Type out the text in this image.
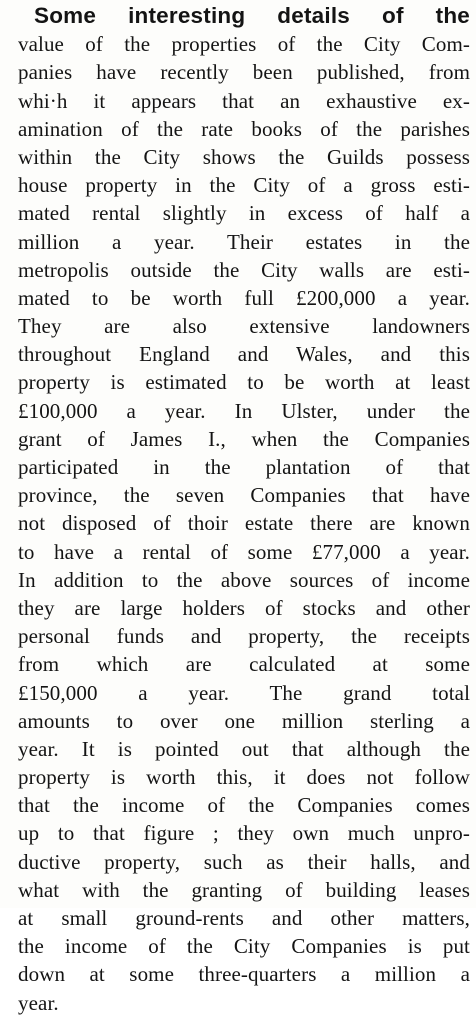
Some interesting details of the
value of the properties of the City Com-
panies have recently been published, from
whi·h it appears that an exhaustive ex-
amination of the rate books of the parishes
within the City shows the Guilds possess
house property in the City of a gross esti-
mated rental slightly in excess of half a
million a year. Their estates in the
metropolis outside the City walls are esti-
mated to be worth full £200,000 a year.
They are also extensive landowners
throughout England and Wales, and this
property is estimated to be worth at least
£100,000 a year. In Ulster, under the
grant of James I., when the Companies
participated in the plantation of that
province, the seven Companies that have
not disposed of thoir estate there are known
to have a rental of some £77,000 a year.
In addition to the above sources of income
they are large holders of stocks and other
personal funds and property, the receipts
from which are calculated at some
£150,000 a year. The grand total
amounts to over one million sterling a
year. It is pointed out that although the
property is worth this, it does not follow
that the income of the Companies comes
up to that figure ; they own much unpro-
ductive property, such as their halls, and
what with the granting of building leases
at small ground-rents and other matters,
the income of the City Companies is put
down at some three-quarters a million a
year.
